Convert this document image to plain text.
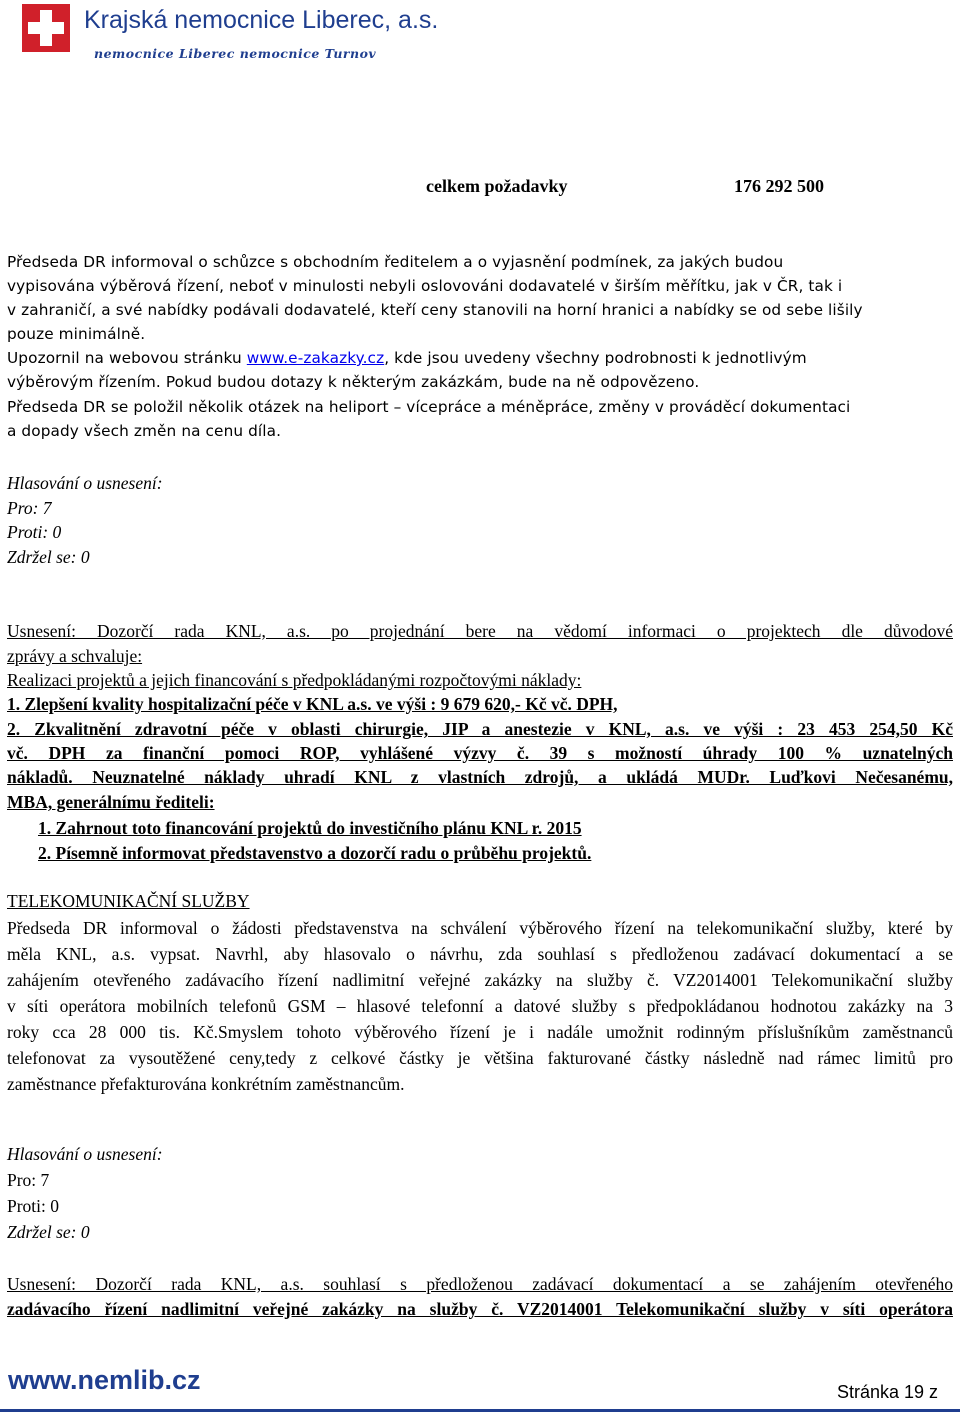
Krajská nemocnice Liberec, a.s.
nemocnice Liberec nemocnice Turnov
celkem požadavky	176 292 500
Předseda DR informoval o schůzce s obchodním ředitelem a o vyjasnění podmínek, za jakých budou
vypisována výběrová řízení, neboť v minulosti nebyli oslovováni dodavatelé v širším měřítku, jak v ČR, tak i
v zahraničí, a své nabídky podávali dodavatelé, kteří ceny stanovili na horní hranici a nabídky se od sebe lišily
pouze minimálně.
Upozornil na webovou stránku www.e-zakazky.cz, kde jsou uvedeny všechny podrobnosti k jednotlivým
výběrovým řízením. Pokud budou dotazy k některým zakázkám, bude na ně odpovězeno.
Předseda DR se položil několik otázek na heliport – vícepráce a méněpráce, změny v prováděcí dokumentaci
a dopady všech změn na cenu díla.
Hlasování o usnesení:
Pro: 7
Proti: 0
Zdržel se: 0
Usnesení: Dozorčí rada KNL, a.s. po projednání bere na vědomí informaci o projektech dle důvodové
zprávy a schvaluje:
Realizaci projektů a jejich financování s předpokládanými rozpočtovými náklady:
1. Zlepšení kvality hospitalizační péče v KNL a.s. ve výši : 9 679 620,- Kč vč. DPH,
2. Zkvalitnění zdravotní péče v oblasti chirurgie, JIP a anestezie v KNL, a.s. ve výši : 23 453 254,50 Kč
vč. DPH za finanční pomoci ROP, vyhlášené výzvy č. 39 s možností úhrady 100 % uznatelných
nákladů. Neuznatelné náklady uhradí KNL z vlastních zdrojů, a ukládá MUDr. Luďkovi Nečesanému,
MBA, generálnímu řediteli:
1. Zahrnout toto financování projektů do investičního plánu KNL r. 2015
2. Písemně informovat představenstvo a dozorčí radu o průběhu projektů.
TELEKOMUNIKAČNÍ SLUŽBY
Předseda DR informoval o žádosti představenstva na schválení výběrového řízení na telekomunikační služby, které by
měla KNL, a.s. vypsat. Navrhl, aby hlasovalo o návrhu, zda souhlasí s předloženou zadávací dokumentací a se
zahájením otevřeného zadávacího řízení nadlimitní veřejné zakázky na služby č. VZ2014001 Telekomunikační služby
v síti operátora mobilních telefonů GSM – hlasové telefonní a datové služby s předpokládanou hodnotou zakázky na 3
roky cca 28 000 tis. Kč.Smyslem tohoto výběrového řízení je i nadále umožnit rodinným příslušníkům zaměstnanců
telefonovat za vysoutěžené ceny,tedy z celkové částky je většina fakturované částky následně nad rámec limitů pro
zaměstnance přefakturována konkrétním zaměstnancům.
Hlasování o usnesení:
Pro: 7
Proti: 0
Zdržel se: 0
Usnesení: Dozorčí rada KNL, a.s. souhlasí s předloženou zadávací dokumentací a se zahájením otevřeného
zadávacího řízení nadlimitní veřejné zakázky na služby č. VZ2014001 Telekomunikační služby v síti operátora
www.nemlib.cz	Stránka 19 z
